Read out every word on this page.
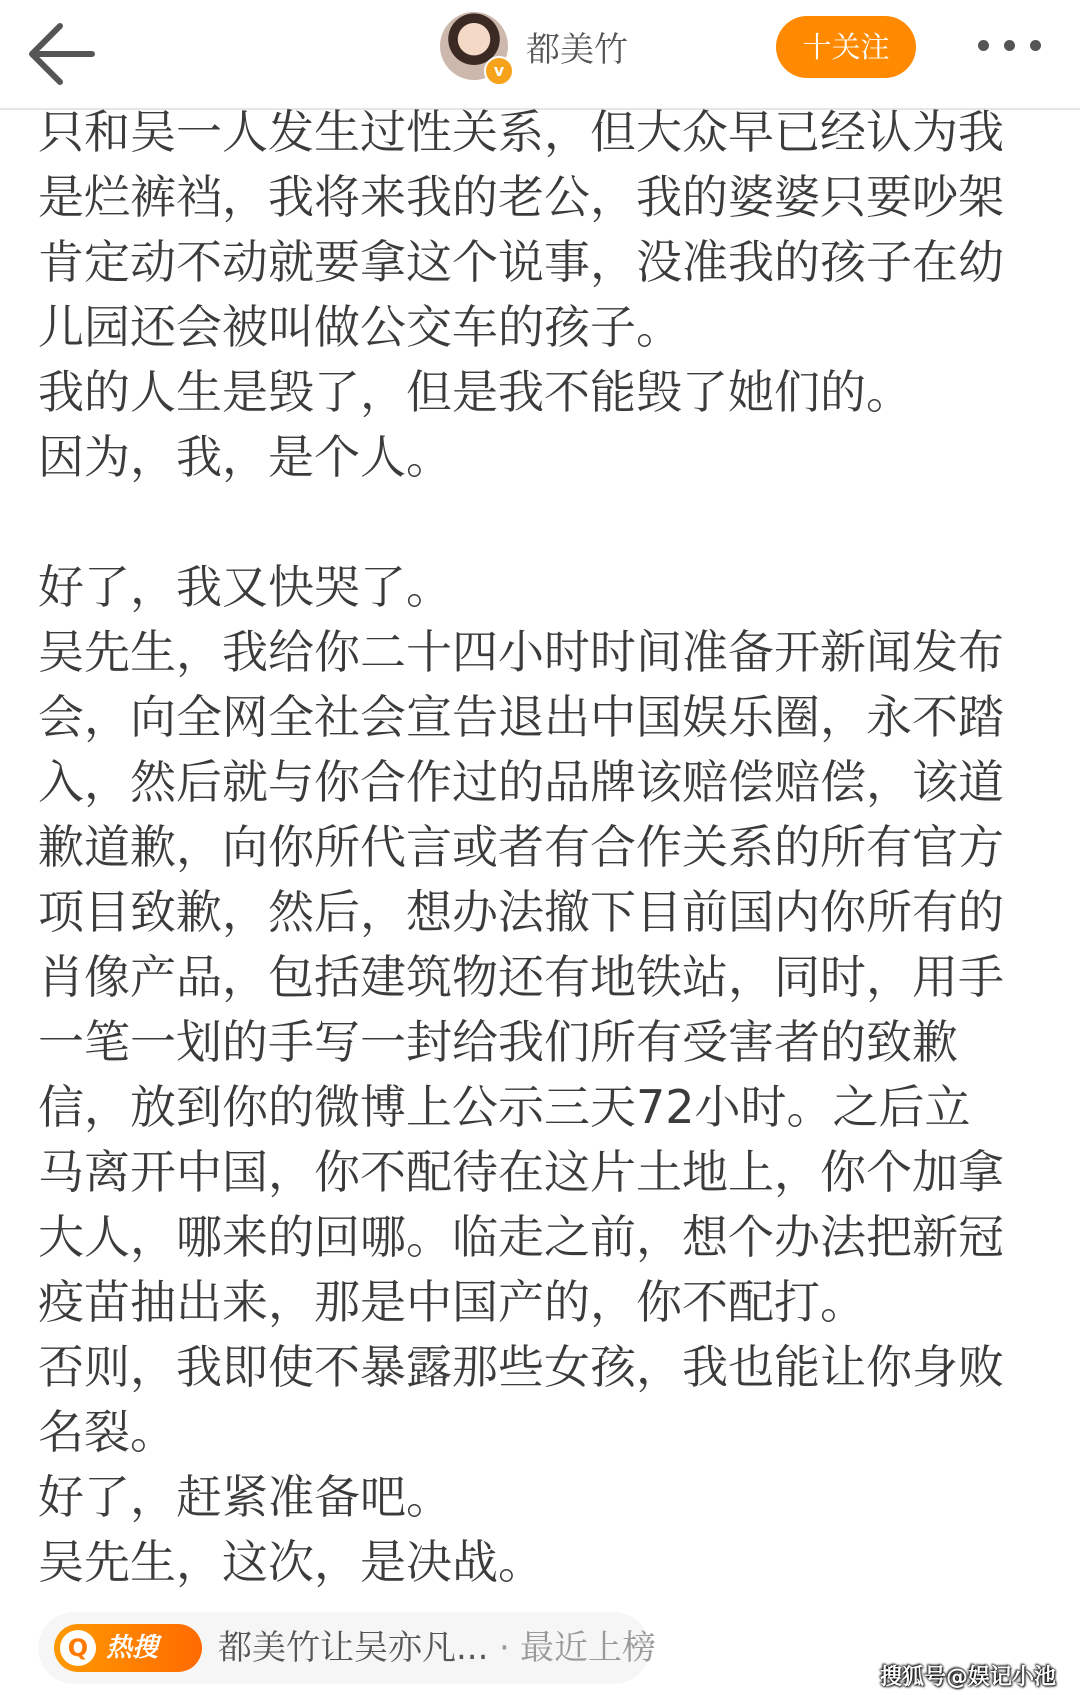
v
都美竹	十关注

只和吴一人发生过性关系，但大众早已经认为我

是烂裤裆，我将来我的老公，我的婆婆只要吵架

肯定动不动就要拿这个说事，没准我的孩子在幼

儿园还会被叫做公交车的孩子。

我的人生是毁了，但是我不能毁了她们的。

因为，我，是个人。

好了，我又快哭了。

吴先生，我给你二十四小时时间准备开新闻发布

会，向全网全社会宣告退出中国娱乐圈，永不踏

入，然后就与你合作过的品牌该赔偿赔偿，该道

歉道歉，向你所代言或者有合作关系的所有官方

项目致歉，然后，想办法撤下目前国内你所有的

肖像产品，包括建筑物还有地铁站，同时，用手

一笔一划的手写一封给我们所有受害者的致歉

信，放到你的微博上公示三天72小时。之后立

马离开中国，你不配待在这片土地上，你个加拿

大人，哪来的回哪。临走之前，想个办法把新冠

疫苗抽出来，那是中国产的，你不配打。

否则，我即使不暴露那些女孩，我也能让你身败

名裂。

好了，赶紧准备吧。

吴先生，这次，是决战。

Q 热搜 都美竹让吴亦凡... · 最近上榜
搜狐号@娱记小池
